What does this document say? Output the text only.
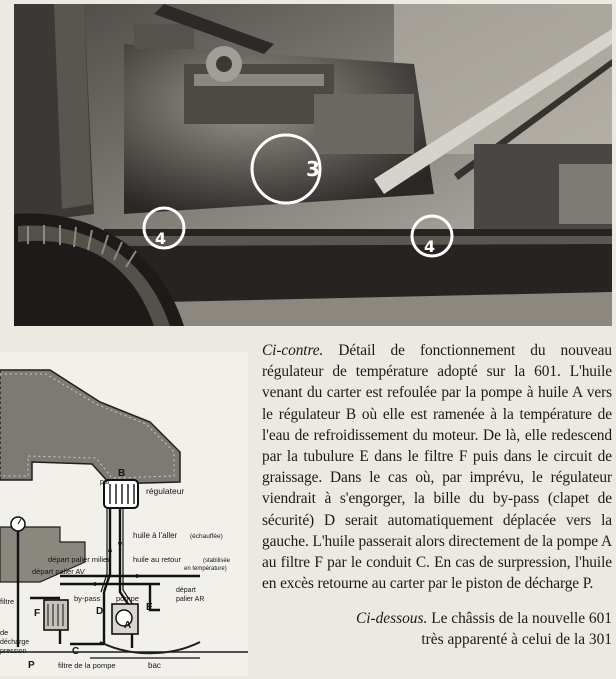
3
4	4
pal
régulateur
huile à l'aller (échauffée)
départ palier milieu	huile au retour	(stabilisée
en température)
départ palier AV
départ
palier AR
by-pass pompe
filtre
de
décharge
pression
filtre de la pompe	bac
B
A
C
D	E
F
P
Ci-contre. Détail de fonctionnement du nouveau régulateur de température adopté sur la 601. L'huile venant du carter est refoulée par la pompe à huile A vers le régulateur B où elle est ramenée à la température de l'eau de refroidissement du moteur. De là, elle redescend par la tubulure E dans le filtre F puis dans le circuit de graissage. Dans le cas où, par imprévu, le régulateur viendrait à s'engorger, la bille du by-pass (clapet de sécurité) D serait automatiquement déplacée vers la gauche. L'huile passerait alors directement de la pompe A au filtre F par le conduit C. En cas de surpression, l'huile en excès retourne au carter par le piston de décharge P.
Ci-dessous. Le châssis de la nouvelle 601
très apparenté à celui de la 301
